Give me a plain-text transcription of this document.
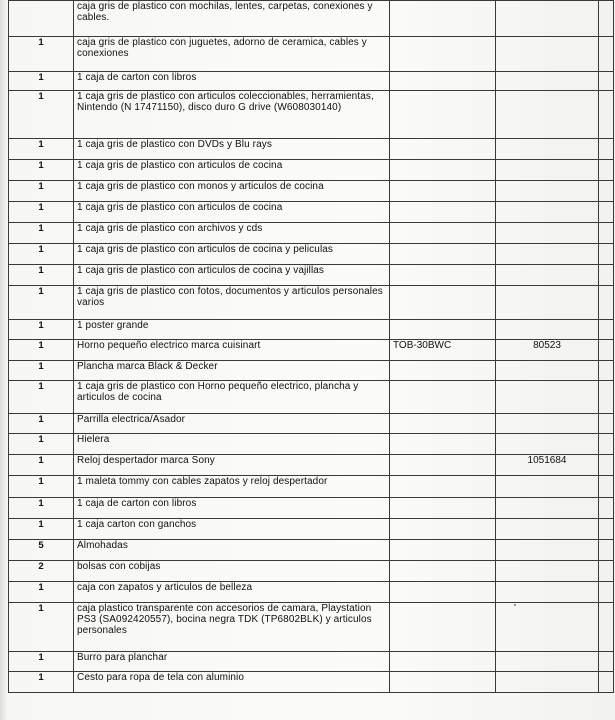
	caja gris de plastico con mochilas, lentes, carpetas, conexiones y cables.			
1	caja gris de plastico con juguetes, adorno de ceramica, cables y conexiones			
1	1 caja de carton con libros			
1	1 caja gris de plastico con articulos coleccionables, herramientas, Nintendo (N 17471150), disco duro G drive (W608030140)			
1	1 caja gris de plastico con DVDs y Blu rays			
1	1 caja gris de plastico con articulos de cocina			
1	1 caja gris de plastico con monos y articulos de cocina			
1	1 caja gris de plastico con articulos de cocina			
1	1 caja gris de plastico con archivos y cds			
1	1 caja gris de plastico con articulos de cocina y peliculas			
1	1 caja gris de plastico con articulos de cocina y vajillas			
1	1 caja gris de plastico con fotos, documentos y articulos personales varios			
1	1 poster grande			
1	Horno pequeño electrico marca cuisinart	TOB-30BWC	80523	
1	Plancha marca Black & Decker			
1	1 caja gris de plastico con Horno pequeño electrico, plancha y articulos de cocina			
1	Parrilla electrica/Asador			
1	Hielera			
1	Reloj despertador marca Sony		1051684	
1	1 maleta tommy con cables zapatos y reloj despertador			
1	1 caja de carton con libros			
1	1 caja carton con ganchos			
5	Almohadas			
2	bolsas con cobijas			
1	caja con zapatos y articulos de belleza			
1	caja plastico transparente con accesorios de camara, Playstation PS3 (SA092420557), bocina negra TDK (TP6802BLK) y articulos personales			
1	Burro para planchar			
1	Cesto para ropa de tela con aluminio			
